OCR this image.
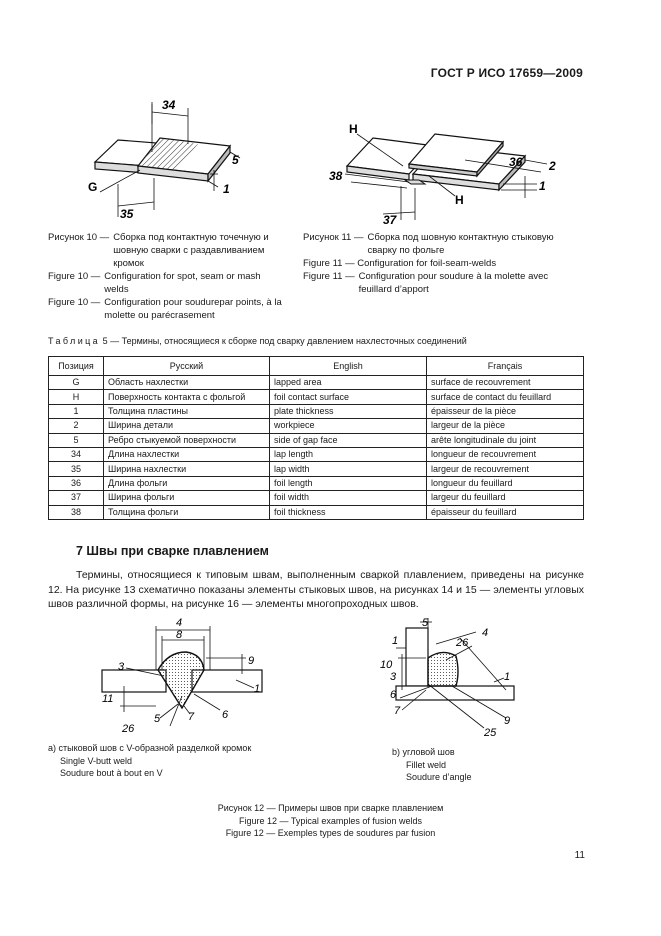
ГОСТ Р ИСО 17659—2009
34
5
1
G
35
Рисунок 10 — Сборка под контактную точечную и шовную сварки с раздавливанием кромок
Figure 10 — Configuration for spot, seam or mash welds
Figure 10 — Configuration pour soudurepar points, à la molette ou parécrasement
H
H
36 2
38
1
37
Рисунок 11 — Сборка под шовную контактную стыковую сварку по фольге
Figure 11 — Configuration for foil-seam-welds
Figure 11 — Configuration pour soudure à la molette avec feuillard d’apport
Таблица 5 — Термины, относящиеся к сборке под сварку давлением нахлесточных соединений
Позиция	Русский	English	Français
G	Область нахлестки	lapped area	surface de recouvrement
H	Поверхность контакта с фольгой	foil contact surface	surface de contact du feuillard
1	Толщина пластины	plate thickness	épaisseur de la pièce
2	Ширина детали	workpiece	largeur de la pièce
5	Ребро стыкуемой поверхности	side of gap face	arête longitudinale du joint
34	Длина нахлестки	lap length	longueur de recouvrement
35	Ширина нахлестки	lap width	largeur de recouvrement
36	Длина фольги	foil length	longueur du feuillard
37	Ширина фольги	foil width	largeur du feuillard
38	Толщина фольги	foil thickness	épaisseur du feuillard
7 Швы при сварке плавлением
Термины, относящиеся к типовым швам, выполненным сваркой плавлением, приведены на рисунке 12. На рисунке 13 схематично показаны элементы стыковых швов, на рисунках 14 и 15 — элементы угловых швов различной формы, на рисунке 16 — элементы многопроходных швов.
4
8
3	9
1
11
5	7	6
26
а) стыковой шов с V-образной разделкой кромок
Single V-butt weld
Soudure bout à bout en V
5
4
1	26
10
3	1
6
7
9
25
b) угловой шов
Fillet weld
Soudure d’angle
Рисунок 12 — Примеры швов при сварке плавлением
Figure 12 — Typical examples of fusion welds
Figure 12 — Exemples types de soudures par fusion
11
